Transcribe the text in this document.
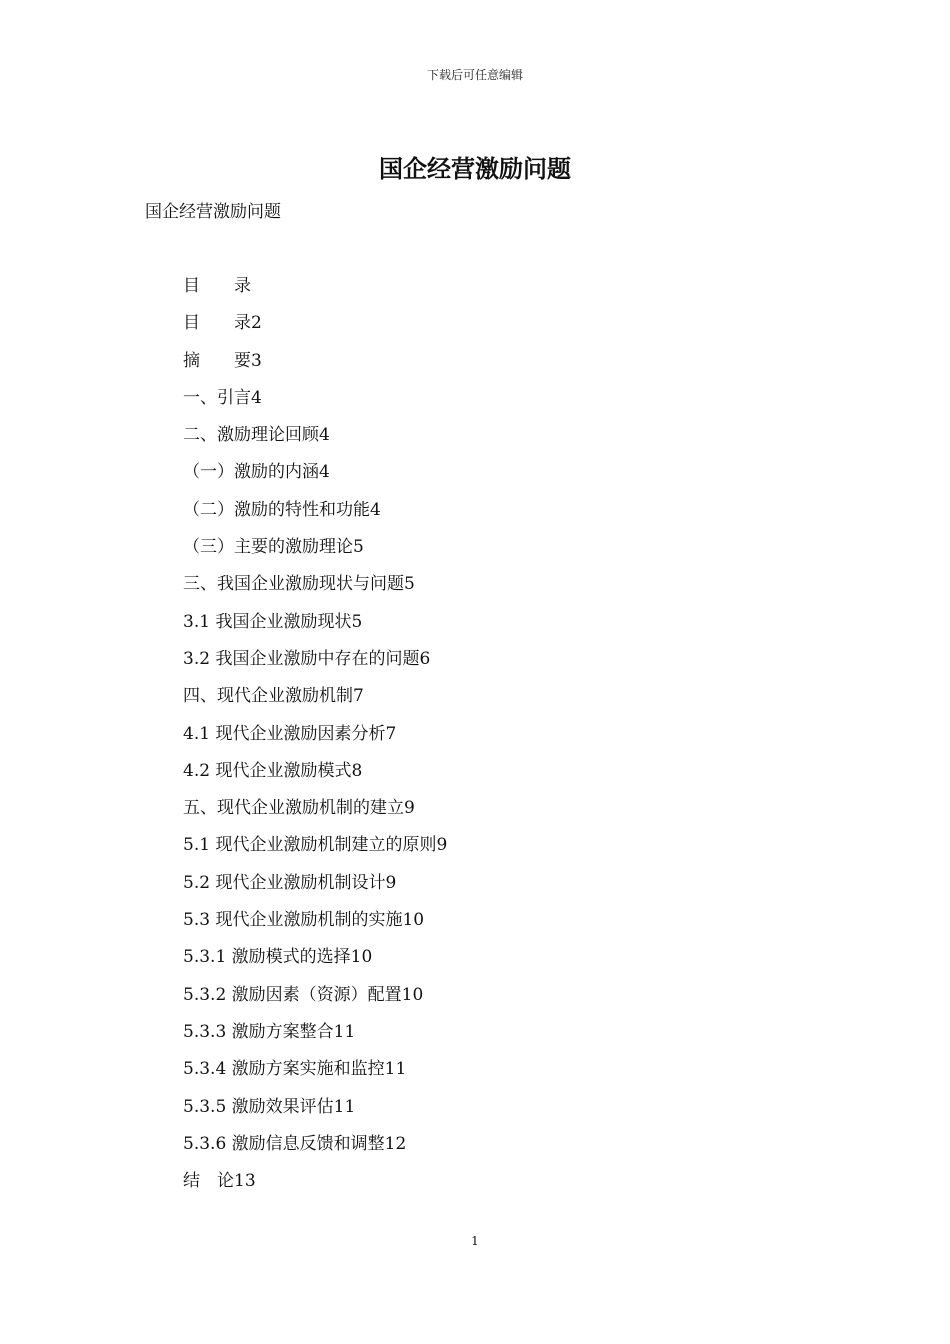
下载后可任意编辑
国企经营激励问题
国企经营激励问题
目　　录
目　　录2
摘　　要3
一、引言4
二、激励理论回顾4
（一）激励的内涵4
（二）激励的特性和功能4
（三）主要的激励理论5
三、我国企业激励现状与问题5
3.1 我国企业激励现状5
3.2 我国企业激励中存在的问题6
四、现代企业激励机制7
4.1 现代企业激励因素分析7
4.2 现代企业激励模式8
五、现代企业激励机制的建立9
5.1 现代企业激励机制建立的原则9
5.2 现代企业激励机制设计9
5.3 现代企业激励机制的实施10
5.3.1 激励模式的选择10
5.3.2 激励因素（资源）配置10
5.3.3 激励方案整合11
5.3.4 激励方案实施和监控11
5.3.5 激励效果评估11
5.3.6 激励信息反馈和调整12
结　论13
1
